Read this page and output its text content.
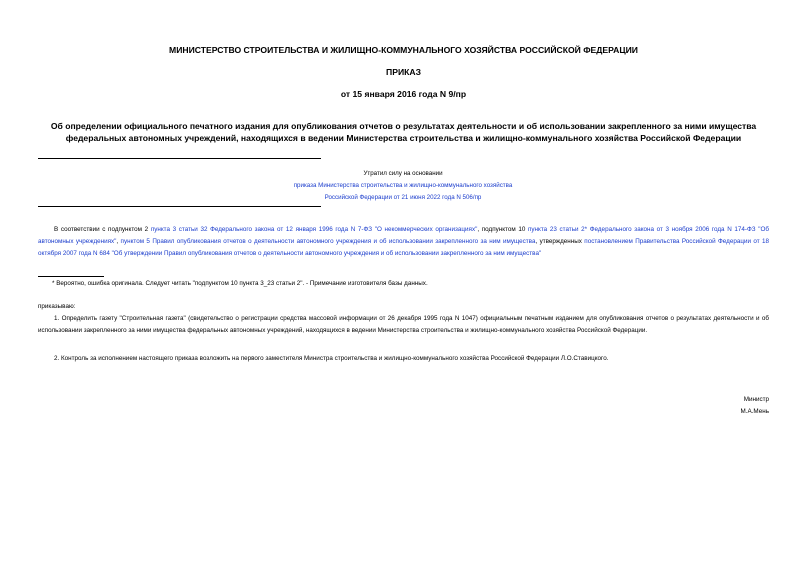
МИНИСТЕРСТВО СТРОИТЕЛЬСТВА И ЖИЛИЩНО-КОММУНАЛЬНОГО ХОЗЯЙСТВА РОССИЙСКОЙ ФЕДЕРАЦИИ
ПРИКАЗ
от 15 января 2016 года N 9/пр
Об определении официального печатного издания для опубликования отчетов о результатах деятельности и об использовании закрепленного за ними имущества
федеральных автономных учреждений, находящихся в ведении Министерства строительства и жилищно-коммунального хозяйства Российской Федерации
Утратил силу на основании
приказа Министерства строительства и жилищно-коммунального хозяйства
Российской Федерации от 21 июня 2022 года N 506/пр
В соответствии с подпунктом 2 пункта 3 статьи 32 Федерального закона от 12 января 1996 года N 7-ФЗ "О некоммерческих организациях", подпунктом 10 пункта 23 статьи 2* Федерального закона от 3 ноября 2006 года N 174-ФЗ "Об автономных учреждениях", пунктом 5 Правил опубликования отчетов о деятельности автономного учреждения и об использовании закрепленного за ним имущества, утвержденных постановлением Правительства Российской Федерации от 18 октября 2007 года N 684 "Об утверждении Правил опубликования отчетов о деятельности автономного учреждения и об использовании закрепленного за ним имущества"
* Вероятно, ошибка оригинала. Следует читать "подпунктом 10 пункта 3_23 статьи 2". - Примечание изготовителя базы данных.
приказываю:
1. Определить газету "Строительная газета" (свидетельство о регистрации средства массовой информации от 26 декабря 1995 года N 1047) официальным печатным изданием для опубликования отчетов о результатах деятельности и об использовании закрепленного за ними имущества федеральных автономных учреждений, находящихся в ведении Министерства строительства и жилищно-коммунального хозяйства Российской Федерации.
2. Контроль за исполнением настоящего приказа возложить на первого заместителя Министра строительства и жилищно-коммунального хозяйства Российской Федерации Л.О.Ставицкого.
Министр
М.А.Мень
